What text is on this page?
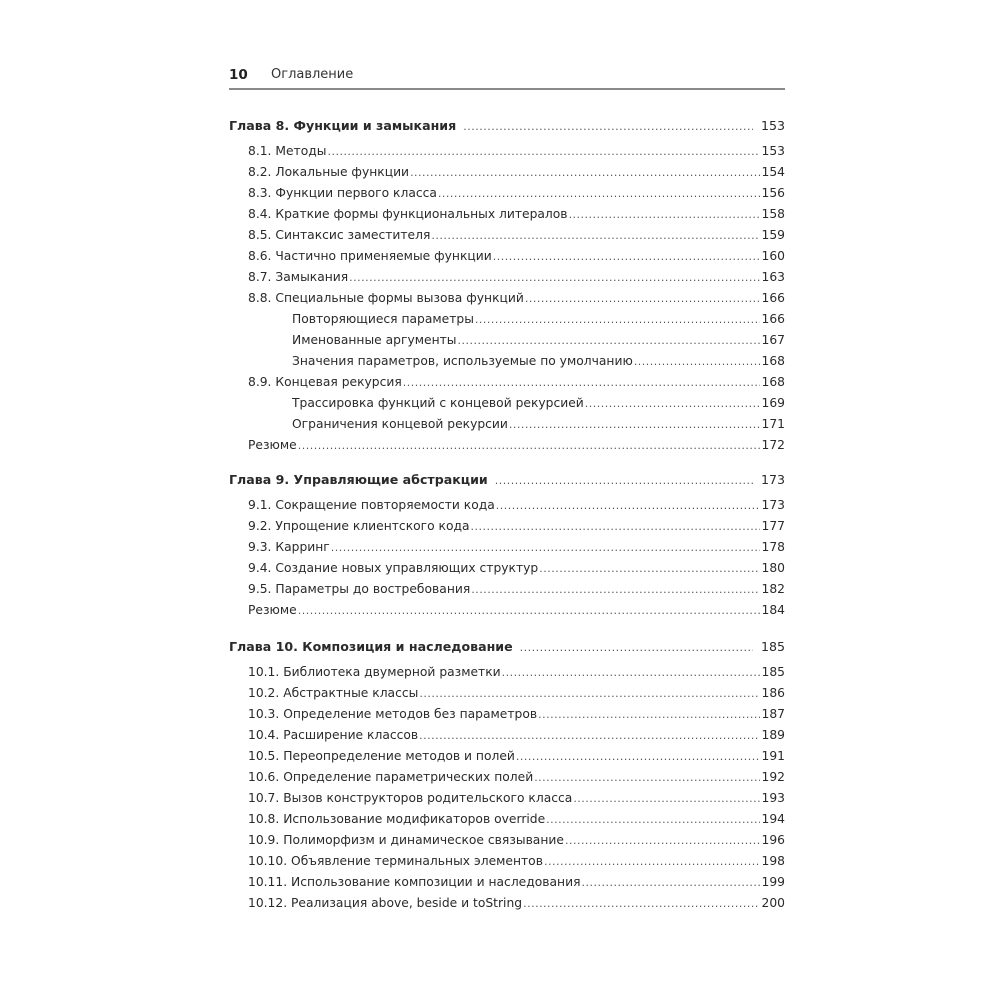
10 Оглавление
Глава 8. Функции и замыкания .....	153
8.1. Методы .....	153
8.2. Локальные функции .....	154
8.3. Функции первого класса .....	156
8.4. Краткие формы функциональных литералов .....	158
8.5. Синтаксис заместителя .....	159
8.6. Частично применяемые функции .....	160
8.7. Замыкания .....	163
8.8. Специальные формы вызова функций .....	166
Повторяющиеся параметры .....	166
Именованные аргументы .....	167
Значения параметров, используемые по умолчанию .....	168
8.9. Концевая рекурсия .....	168
Трассировка функций с концевой рекурсией .....	169
Ограничения концевой рекурсии .....	171
Резюме .....	172
Глава 9. Управляющие абстракции .....	173
9.1. Сокращение повторяемости кода .....	173
9.2. Упрощение клиентского кода .....	177
9.3. Карринг .....	178
9.4. Создание новых управляющих структур .....	180
9.5. Параметры до востребования .....	182
Резюме .....	184
Глава 10. Композиция и наследование .....	185
10.1. Библиотека двумерной разметки .....	185
10.2. Абстрактные классы .....	186
10.3. Определение методов без параметров .....	187
10.4. Расширение классов .....	189
10.5. Переопределение методов и полей .....	191
10.6. Определение параметрических полей .....	192
10.7. Вызов конструкторов родительского класса .....	193
10.8. Использование модификаторов override .....	194
10.9. Полиморфизм и динамическое связывание .....	196
10.10. Объявление терминальных элементов .....	198
10.11. Использование композиции и наследования .....	199
10.12. Реализация above, beside и toString .....	200
